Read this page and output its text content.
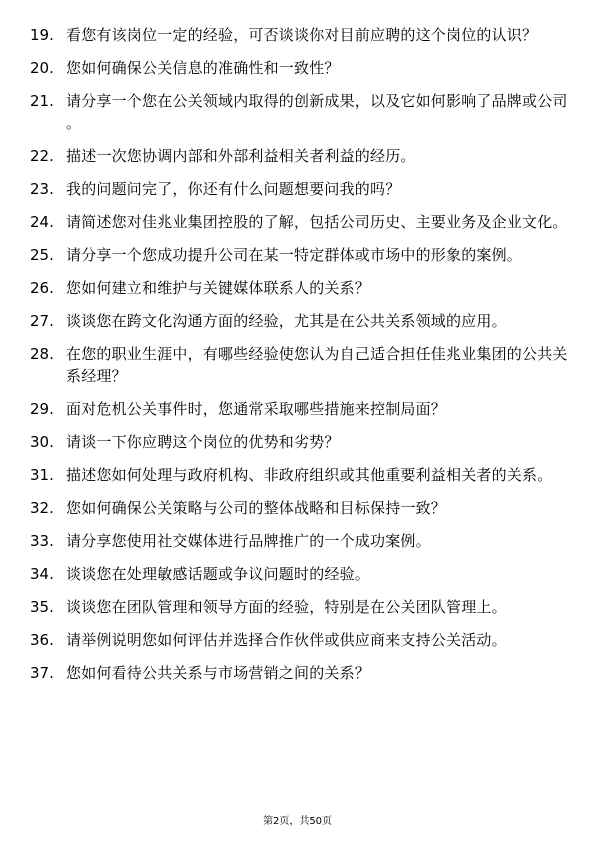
19. 看您有该岗位一定的经验，可否谈谈你对目前应聘的这个岗位的认识？
20. 您如何确保公关信息的准确性和一致性？
21. 请分享一个您在公关领域内取得的创新成果，以及它如何影响了品牌或公司。
22. 描述一次您协调内部和外部利益相关者利益的经历。
23. 我的问题问完了，你还有什么问题想要问我的吗？
24. 请简述您对佳兆业集团控股的了解，包括公司历史、主要业务及企业文化。
25. 请分享一个您成功提升公司在某一特定群体或市场中的形象的案例。
26. 您如何建立和维护与关键媒体联系人的关系？
27. 谈谈您在跨文化沟通方面的经验，尤其是在公共关系领域的应用。
28. 在您的职业生涯中，有哪些经验使您认为自己适合担任佳兆业集团的公共关系经理？
29. 面对危机公关事件时，您通常采取哪些措施来控制局面？
30. 请谈一下你应聘这个岗位的优势和劣势？
31. 描述您如何处理与政府机构、非政府组织或其他重要利益相关者的关系。
32. 您如何确保公关策略与公司的整体战略和目标保持一致？
33. 请分享您使用社交媒体进行品牌推广的一个成功案例。
34. 谈谈您在处理敏感话题或争议问题时的经验。
35. 谈谈您在团队管理和领导方面的经验，特别是在公关团队管理上。
36. 请举例说明您如何评估并选择合作伙伴或供应商来支持公关活动。
37. 您如何看待公共关系与市场营销之间的关系？
第2页，共50页
